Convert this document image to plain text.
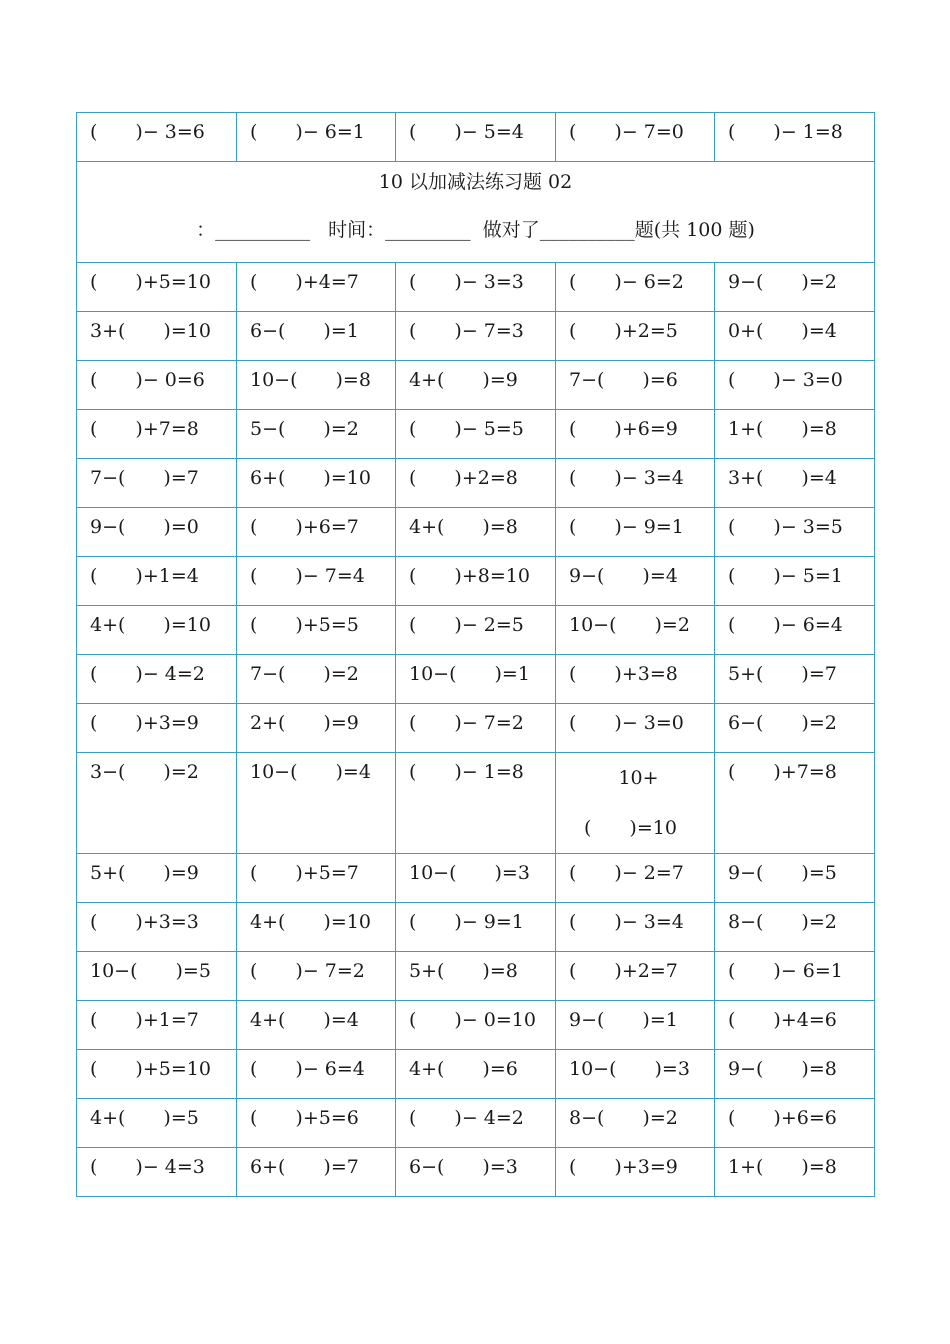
(　　)− 3=6	(　　)− 6=1	(　　)− 5=4	(　　)− 7=0	(　　)− 1=8

10 以加减法练习题 02
：__________   时间：_________  做对了__________题(共 100 题)				

(　　)+5=10	(　　)+4=7	(　　)− 3=3	(　　)− 6=2	9−(　　)=2

3+(　　)=10	6−(　　)=1	(　　)− 7=3	(　　)+2=5	0+(　　)=4

(　　)− 0=6	10−(　　)=8	4+(　　)=9	7−(　　)=6	(　　)− 3=0

(　　)+7=8	5−(　　)=2	(　　)− 5=5	(　　)+6=9	1+(　　)=8

7−(　　)=7	6+(　　)=10	(　　)+2=8	(　　)− 3=4	3+(　　)=4

9−(　　)=0	(　　)+6=7	4+(　　)=8	(　　)− 9=1	(　　)− 3=5

(　　)+1=4	(　　)− 7=4	(　　)+8=10	9−(　　)=4	(　　)− 5=1

4+(　　)=10	(　　)+5=5	(　　)− 2=5	10−(　　)=2	(　　)− 6=4

(　　)− 4=2	7−(　　)=2	10−(　　)=1	(　　)+3=8	5+(　　)=7

(　　)+3=9	2+(　　)=9	(　　)− 7=2	(　　)− 3=0	6−(　　)=2

3−(　　)=2	10−(　　)=4	(　　)− 1=8	10+
(　　)=10	(　　)+7=8

5+(　　)=9	(　　)+5=7	10−(　　)=3	(　　)− 2=7	9−(　　)=5

(　　)+3=3	4+(　　)=10	(　　)− 9=1	(　　)− 3=4	8−(　　)=2

10−(　　)=5	(　　)− 7=2	5+(　　)=8	(　　)+2=7	(　　)− 6=1

(　　)+1=7	4+(　　)=4	(　　)− 0=10	9−(　　)=1	(　　)+4=6

(　　)+5=10	(　　)− 6=4	4+(　　)=6	10−(　　)=3	9−(　　)=8

4+(　　)=5	(　　)+5=6	(　　)− 4=2	8−(　　)=2	(　　)+6=6

(　　)− 4=3	6+(　　)=7	6−(　　)=3	(　　)+3=9	1+(　　)=8
